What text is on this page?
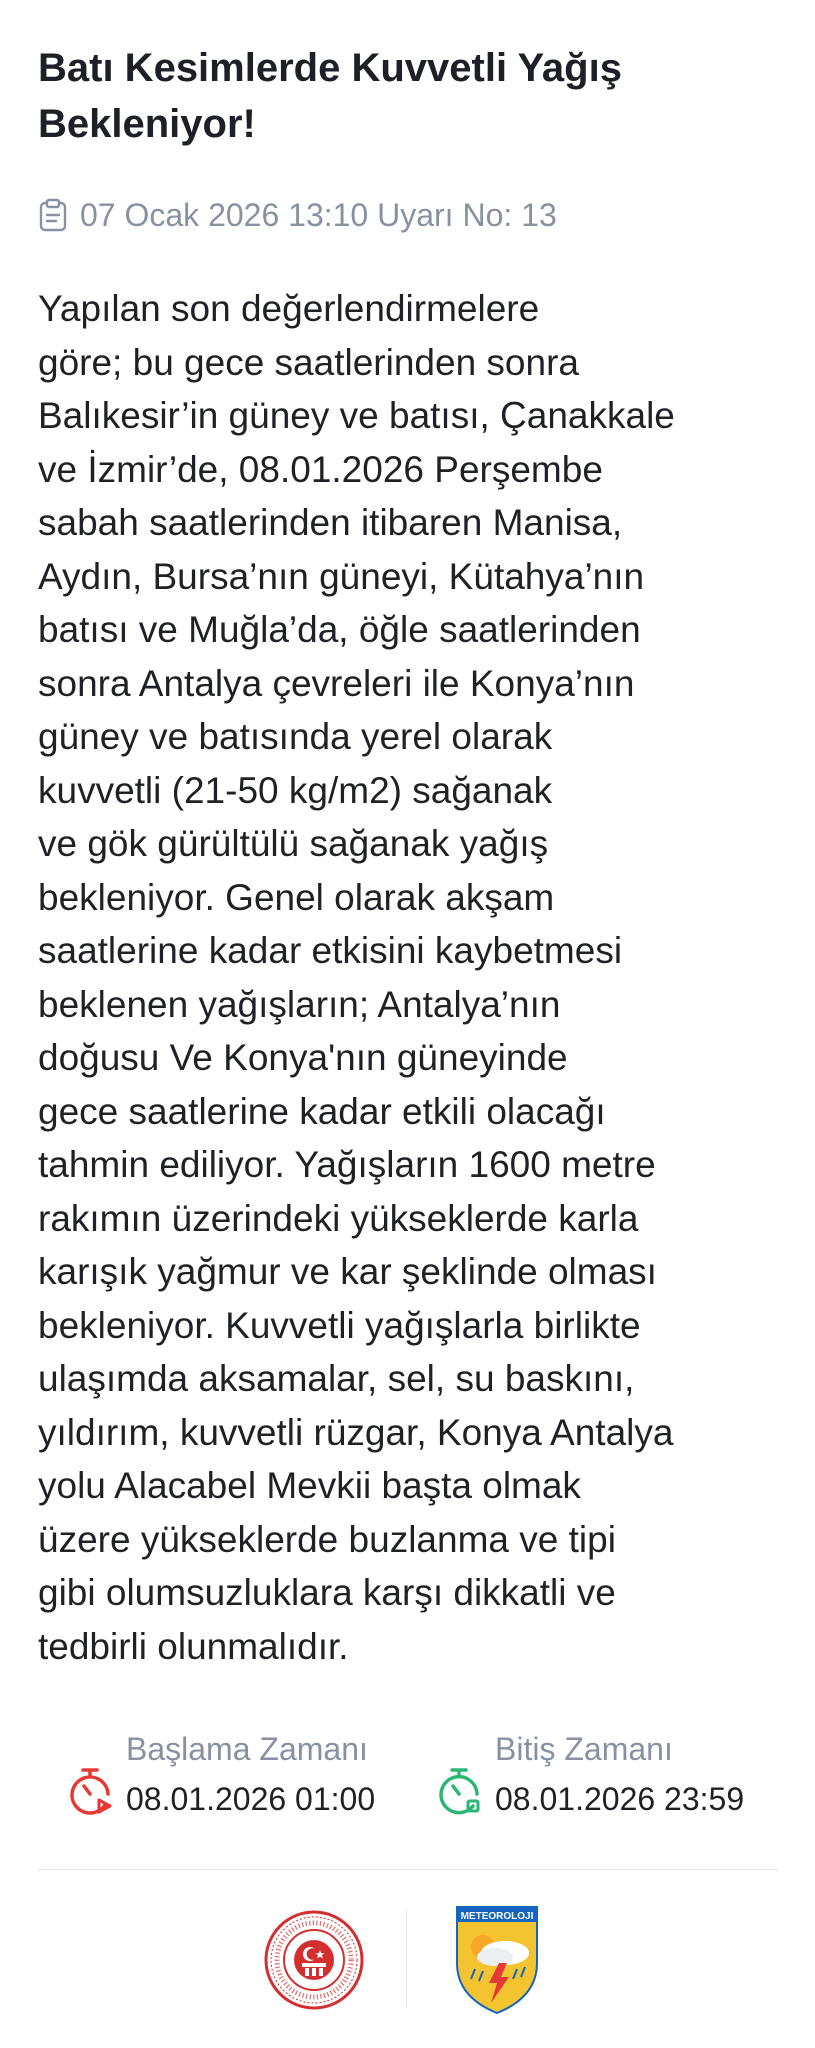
Batı Kesimlerde Kuvvetli Yağış Bekleniyor!
07 Ocak 2026 13:10 Uyarı No: 13

Yapılan son değerlendirmelere
göre; bu gece saatlerinden sonra
Balıkesir’in güney ve batısı, Çanakkale
ve İzmir’de, 08.01.2026 Perşembe
sabah saatlerinden itibaren Manisa,
Aydın, Bursa’nın güneyi, Kütahya’nın
batısı ve Muğla’da, öğle saatlerinden
sonra Antalya çevreleri ile Konya’nın
güney ve batısında yerel olarak
kuvvetli (21-50 kg/m2) sağanak
ve gök gürültülü sağanak yağış
bekleniyor. Genel olarak akşam
saatlerine kadar etkisini kaybetmesi
beklenen yağışların; Antalya’nın
doğusu Ve Konya'nın güneyinde
gece saatlerine kadar etkili olacağı
tahmin ediliyor. Yağışların 1600 metre
rakımın üzerindeki yükseklerde karla
karışık yağmur ve kar şeklinde olması
bekleniyor. Kuvvetli yağışlarla birlikte
ulaşımda aksamalar, sel, su baskını,
yıldırım, kuvvetli rüzgar, Konya Antalya
yolu Alacabel Mevkii başta olmak
üzere yükseklerde buzlanma ve tipi
gibi olumsuzluklara karşı dikkatli ve
tedbirli olunmalıdır.

Başlama Zamanı
08.01.2026 01:00
Bitiş Zamanı
08.01.2026 23:59
METEOROLOJI
